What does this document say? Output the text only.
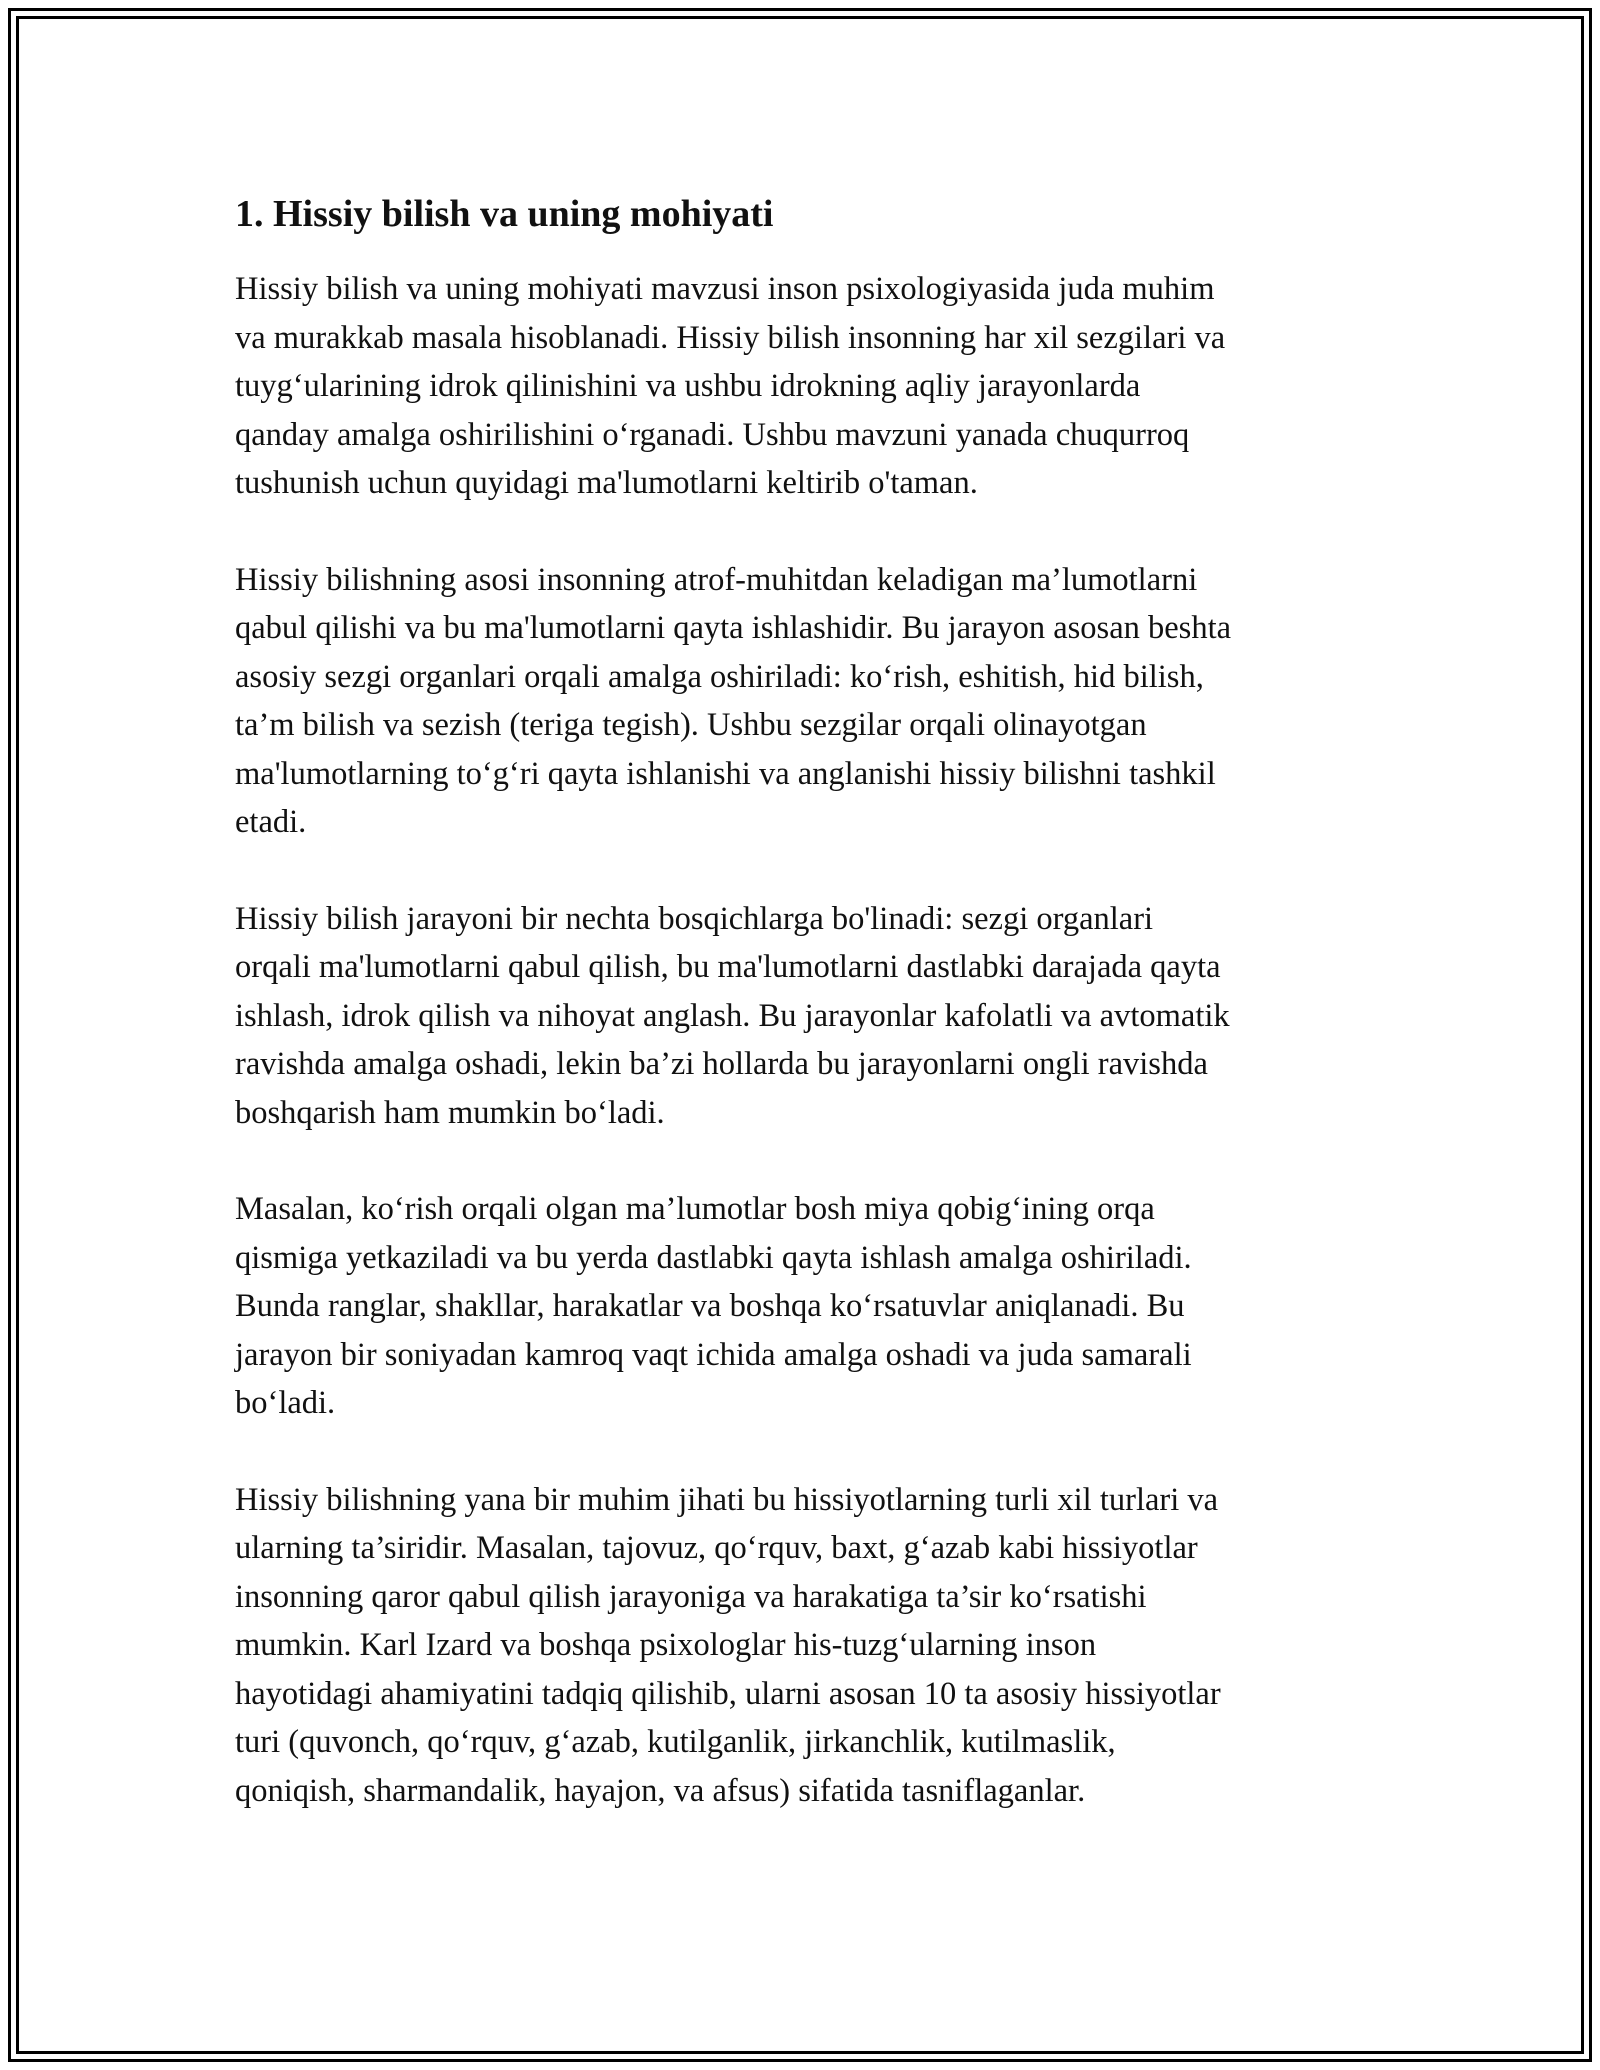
1. Hissiy bilish va uning mohiyati

Hissiy bilish va uning mohiyati mavzusi inson psixologiyasida juda muhim
va murakkab masala hisoblanadi. Hissiy bilish insonning har xil sezgilari va
tuyg‘ularining idrok qilinishini va ushbu idrokning aqliy jarayonlarda
qanday amalga oshirilishini o‘rganadi. Ushbu mavzuni yanada chuqurroq
tushunish uchun quyidagi ma'lumotlarni keltirib o'taman.

Hissiy bilishning asosi insonning atrof-muhitdan keladigan ma’lumotlarni
qabul qilishi va bu ma'lumotlarni qayta ishlashidir. Bu jarayon asosan beshta
asosiy sezgi organlari orqali amalga oshiriladi: ko‘rish, eshitish, hid bilish,
ta’m bilish va sezish (teriga tegish). Ushbu sezgilar orqali olinayotgan
ma'lumotlarning to‘g‘ri qayta ishlanishi va anglanishi hissiy bilishni tashkil
etadi.

Hissiy bilish jarayoni bir nechta bosqichlarga bo'linadi: sezgi organlari
orqali ma'lumotlarni qabul qilish, bu ma'lumotlarni dastlabki darajada qayta
ishlash, idrok qilish va nihoyat anglash. Bu jarayonlar kafolatli va avtomatik
ravishda amalga oshadi, lekin ba’zi hollarda bu jarayonlarni ongli ravishda
boshqarish ham mumkin bo‘ladi.

Masalan, ko‘rish orqali olgan ma’lumotlar bosh miya qobig‘ining orqa
qismiga yetkaziladi va bu yerda dastlabki qayta ishlash amalga oshiriladi.
Bunda ranglar, shakllar, harakatlar va boshqa ko‘rsatuvlar aniqlanadi. Bu
jarayon bir soniyadan kamroq vaqt ichida amalga oshadi va juda samarali
bo‘ladi.

Hissiy bilishning yana bir muhim jihati bu hissiyotlarning turli xil turlari va
ularning ta’siridir. Masalan, tajovuz, qo‘rquv, baxt, g‘azab kabi hissiyotlar
insonning qaror qabul qilish jarayoniga va harakatiga ta’sir ko‘rsatishi
mumkin. Karl Izard va boshqa psixologlar his-tuzg‘ularning inson
hayotidagi ahamiyatini tadqiq qilishib, ularni asosan 10 ta asosiy hissiyotlar
turi (quvonch, qo‘rquv, g‘azab, kutilganlik, jirkanchlik, kutilmaslik,
qoniqish, sharmandalik, hayajon, va afsus) sifatida tasniflaganlar.
